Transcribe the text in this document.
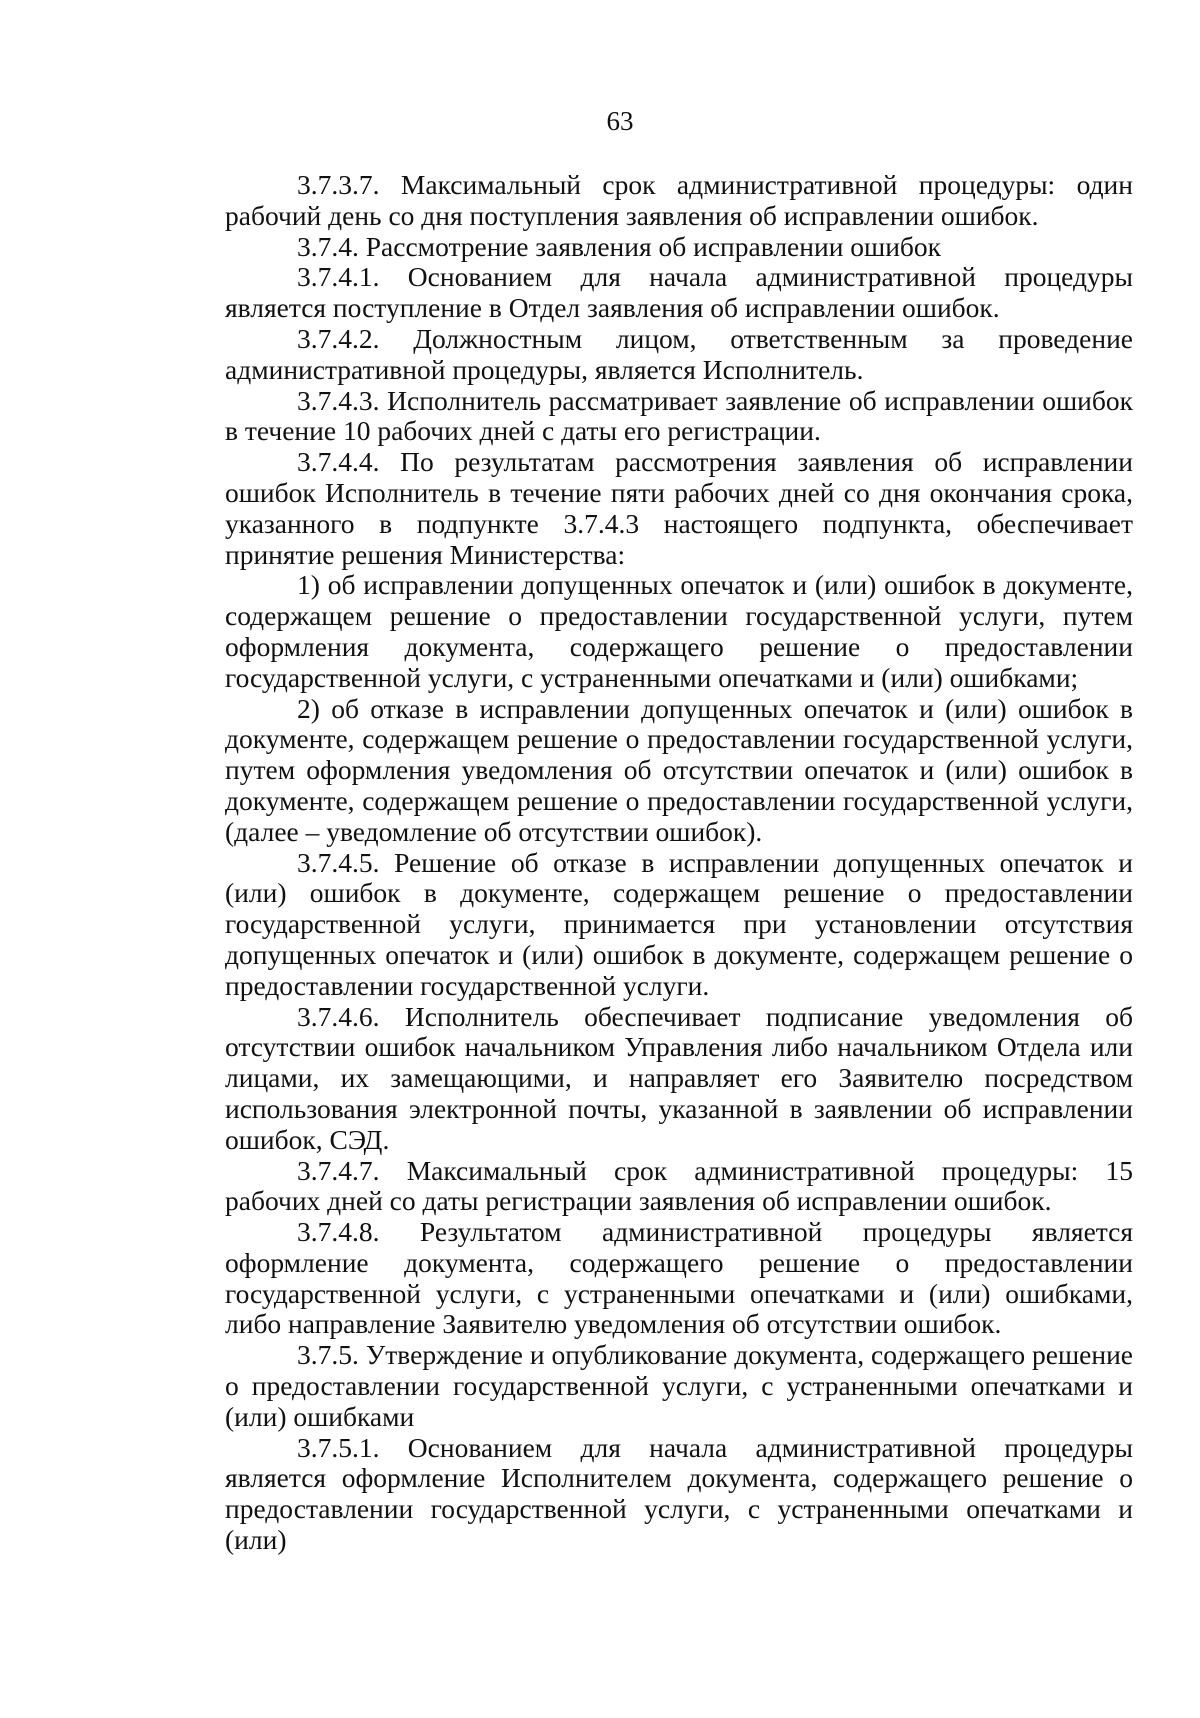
63

3.7.3.7. Максимальный срок административной процедуры: один рабочий день со дня поступления заявления об исправлении ошибок.

3.7.4. Рассмотрение заявления об исправлении ошибок

3.7.4.1. Основанием для начала административной процедуры является поступление в Отдел заявления об исправлении ошибок.

3.7.4.2. Должностным лицом, ответственным за проведение административной процедуры, является Исполнитель.

3.7.4.3. Исполнитель рассматривает заявление об исправлении ошибок в течение 10 рабочих дней с даты его регистрации.

3.7.4.4. По результатам рассмотрения заявления об исправлении ошибок Исполнитель в течение пяти рабочих дней со дня окончания срока, указанного в подпункте 3.7.4.3 настоящего подпункта, обеспечивает принятие решения Министерства:

1) об исправлении допущенных опечаток и (или) ошибок в документе, содержащем решение о предоставлении государственной услуги, путем оформления документа, содержащего решение о предоставлении государственной услуги, с устраненными опечатками и (или) ошибками;

2) об отказе в исправлении допущенных опечаток и (или) ошибок в документе, содержащем решение о предоставлении государственной услуги, путем оформления уведомления об отсутствии опечаток и (или) ошибок в документе, содержащем решение о предоставлении государственной услуги, (далее – уведомление об отсутствии ошибок).

3.7.4.5. Решение об отказе в исправлении допущенных опечаток и (или) ошибок в документе, содержащем решение о предоставлении государственной услуги, принимается при установлении отсутствия допущенных опечаток и (или) ошибок в документе, содержащем решение о предоставлении государственной услуги.

3.7.4.6. Исполнитель обеспечивает подписание уведомления об отсутствии ошибок начальником Управления либо начальником Отдела или лицами, их замещающими, и направляет его Заявителю посредством использования электронной почты, указанной в заявлении об исправлении ошибок, СЭД.

3.7.4.7. Максимальный срок административной процедуры: 15 рабочих дней со даты регистрации заявления об исправлении ошибок.

3.7.4.8. Результатом административной процедуры является оформление документа, содержащего решение о предоставлении государственной услуги, с устраненными опечатками и (или) ошибками, либо направление Заявителю уведомления об отсутствии ошибок.

3.7.5. Утверждение и опубликование документа, содержащего решение о предоставлении государственной услуги, с устраненными опечатками и (или) ошибками

3.7.5.1. Основанием для начала административной процедуры является оформление Исполнителем документа, содержащего решение о предоставлении государственной услуги, с устраненными опечатками и (или)
